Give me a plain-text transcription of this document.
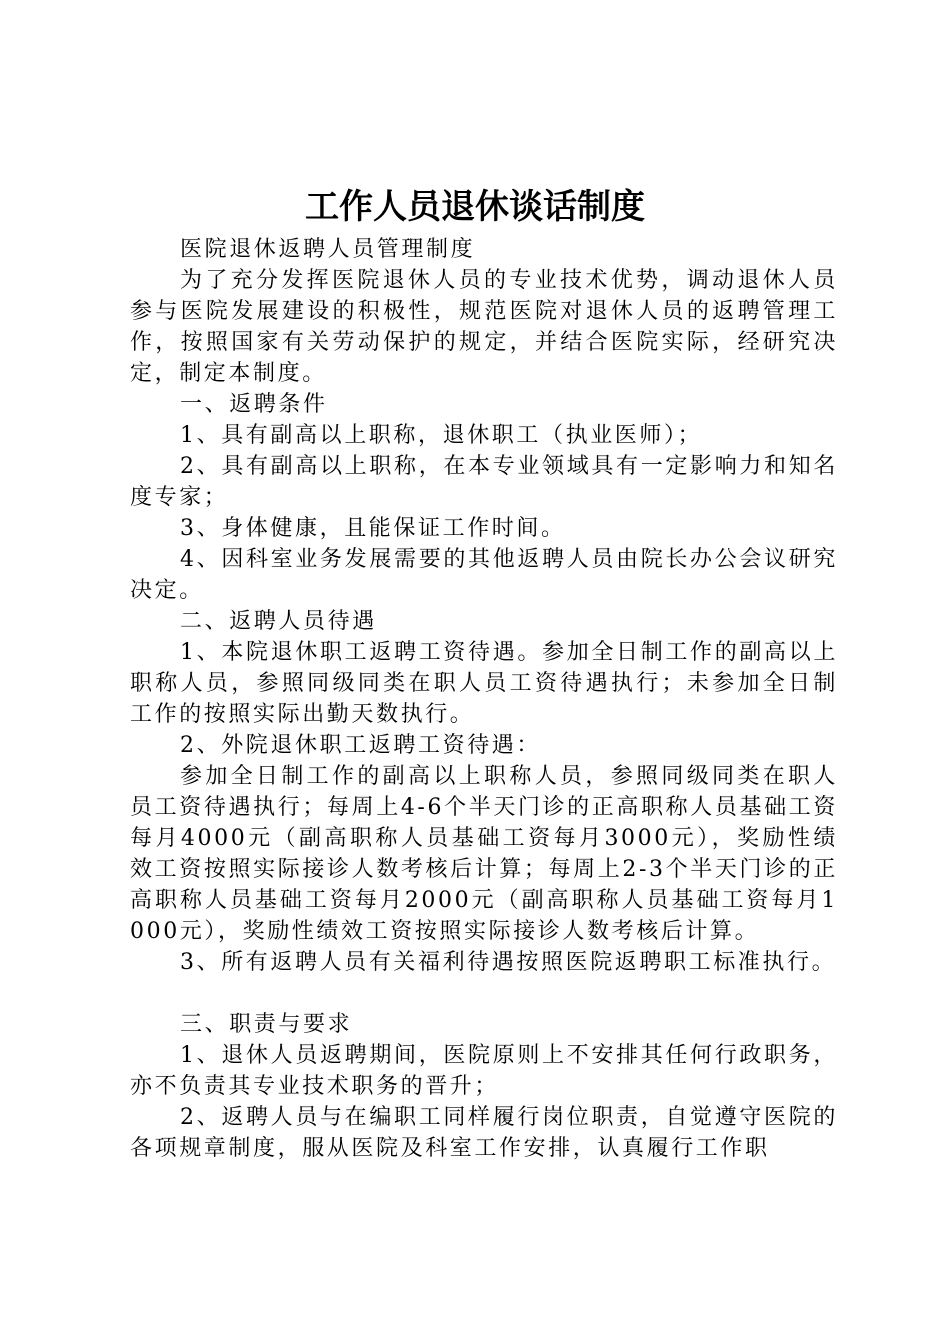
工作人员退休谈话制度

医院退休返聘人员管理制度

为了充分发挥医院退休人员的专业技术优势，调动退休人员参与医院发展建设的积极性，规范医院对退休人员的返聘管理工作，按照国家有关劳动保护的规定，并结合医院实际，经研究决定，制定本制度。

一、返聘条件

1、具有副高以上职称，退休职工（执业医师）；

2、具有副高以上职称，在本专业领域具有一定影响力和知名度专家；

3、身体健康，且能保证工作时间。

4、因科室业务发展需要的其他返聘人员由院长办公会议研究决定。

二、返聘人员待遇

1、本院退休职工返聘工资待遇。参加全日制工作的副高以上职称人员，参照同级同类在职人员工资待遇执行；未参加全日制工作的按照实际出勤天数执行。

2、外院退休职工返聘工资待遇：

参加全日制工作的副高以上职称人员，参照同级同类在职人员工资待遇执行；每周上4-6个半天门诊的正高职称人员基础工资每月4000元（副高职称人员基础工资每月3000元），奖励性绩效工资按照实际接诊人数考核后计算；每周上2-3个半天门诊的正高职称人员基础工资每月2000元（副高职称人员基础工资每月1000元），奖励性绩效工资按照实际接诊人数考核后计算。

3、所有返聘人员有关福利待遇按照医院返聘职工标准执行。

三、职责与要求

1、退休人员返聘期间，医院原则上不安排其任何行政职务，亦不负责其专业技术职务的晋升；

2、返聘人员与在编职工同样履行岗位职责，自觉遵守医院的各项规章制度，服从医院及科室工作安排，认真履行工作职
